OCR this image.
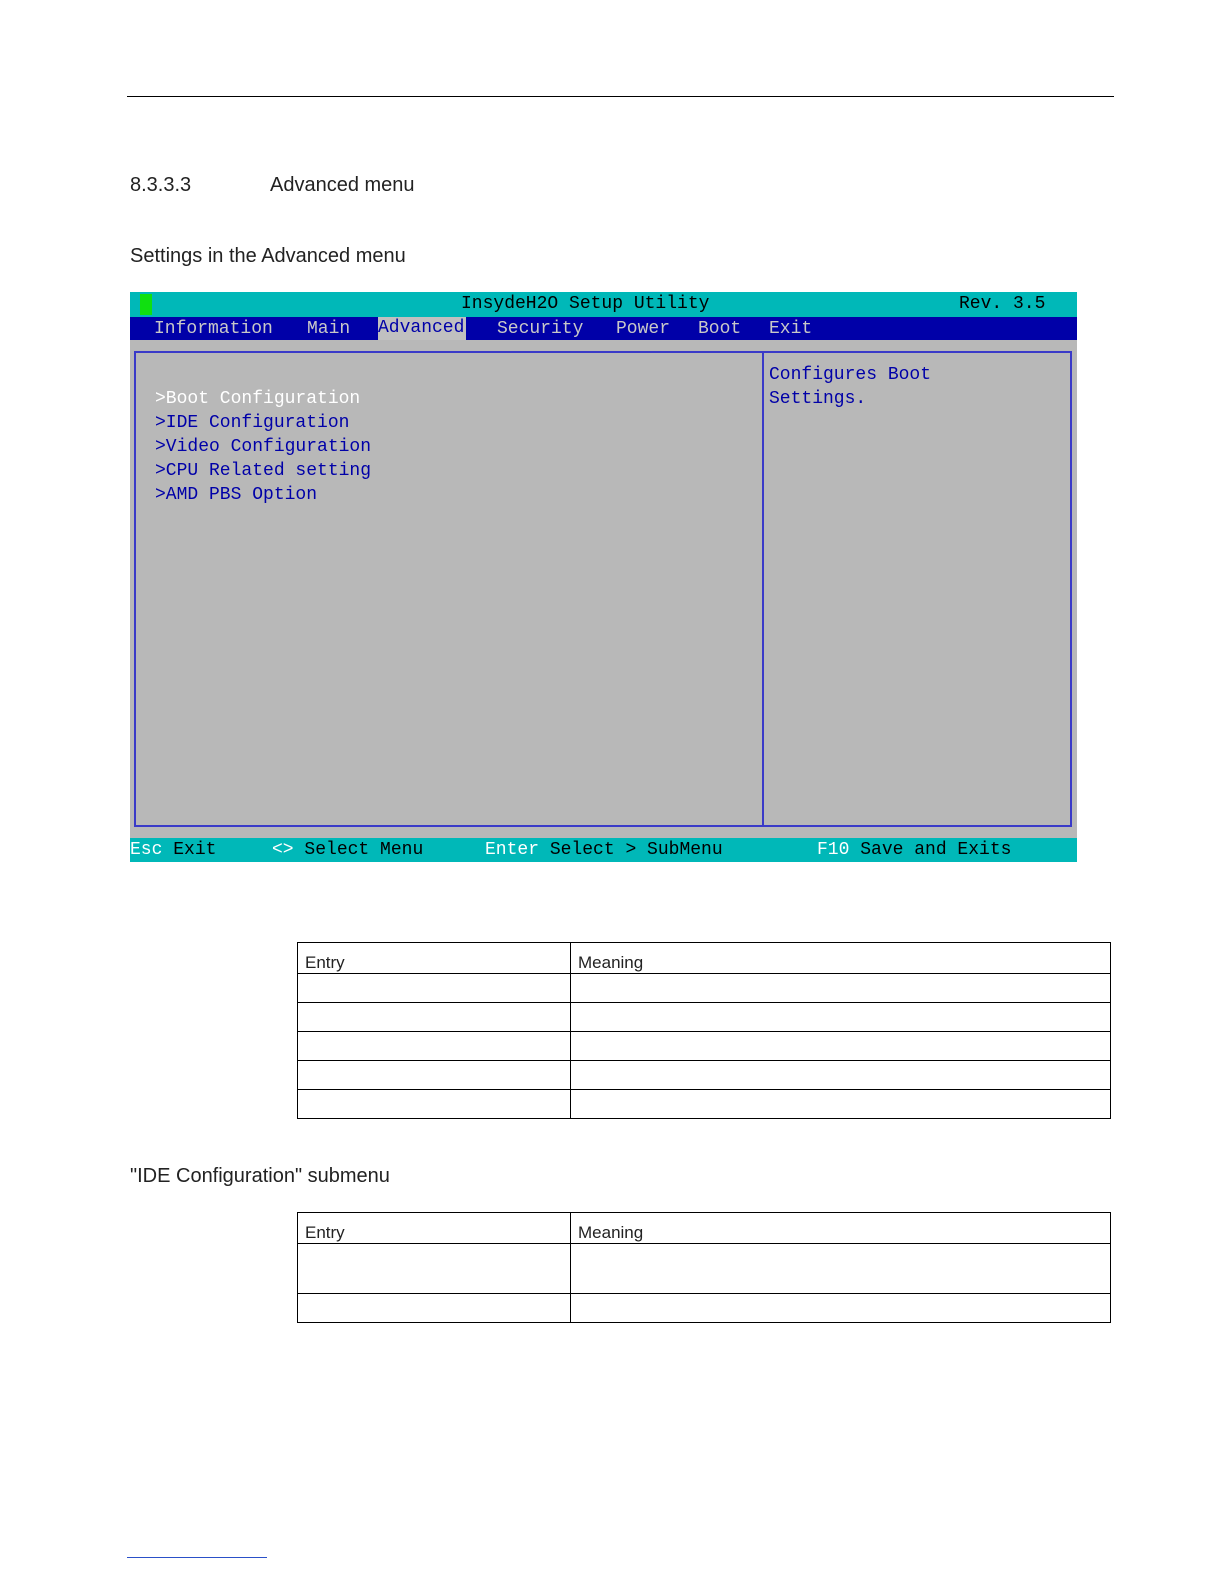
8.3.3.3	Advanced menu
Settings in the Advanced menu
InsydeH2O Setup Utility	Rev. 3.5
Information Main Advanced Security Power Boot Exit
>Boot Configuration
>IDE Configuration
>Video Configuration
>CPU Related setting
>AMD PBS Option
Configures Boot
Settings.
Esc Exit	<> Select Menu	Enter Select > SubMenu	F10 Save and Exits
Entry	Meaning

"IDE Configuration" submenu
Entry	Meaning
